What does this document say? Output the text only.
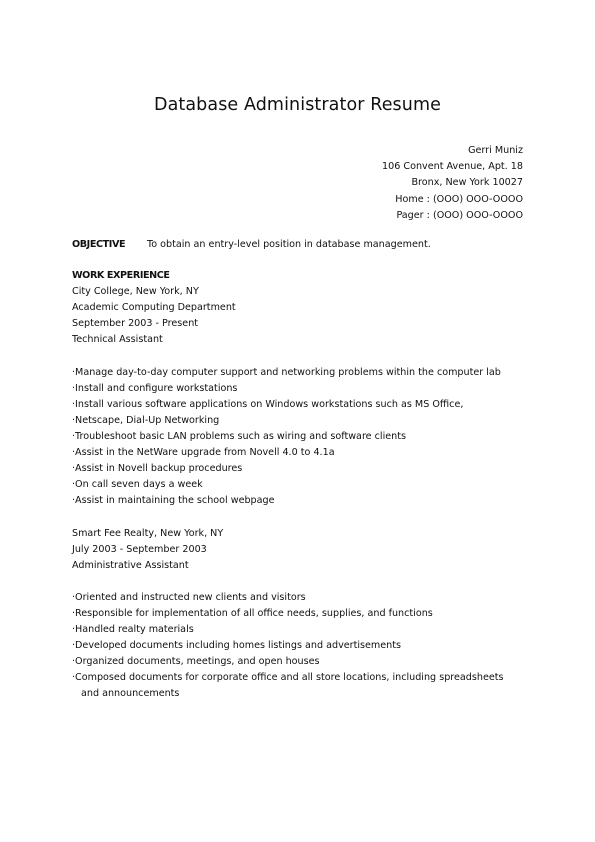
Database Administrator Resume
Gerri Muniz
106 Convent Avenue, Apt. 18
Bronx, New York 10027
Home : (OOO) OOO-OOOO
Pager : (OOO) OOO-OOOO
OBJECTIVE To obtain an entry-level position in database management.
WORK EXPERIENCE
City College, New York, NY
Academic Computing Department
September 2003 - Present
Technical Assistant
·Manage day-to-day computer support and networking problems within the computer lab
·Install and configure workstations
·Install various software applications on Windows workstations such as MS Office,
·Netscape, Dial-Up Networking
·Troubleshoot basic LAN problems such as wiring and software clients
·Assist in the NetWare upgrade from Novell 4.0 to 4.1a
·Assist in Novell backup procedures
·On call seven days a week
·Assist in maintaining the school webpage
Smart Fee Realty, New York, NY
July 2003 - September 2003
Administrative Assistant
·Oriented and instructed new clients and visitors
·Responsible for implementation of all office needs, supplies, and functions
·Handled realty materials
·Developed documents including homes listings and advertisements
·Organized documents, meetings, and open houses
·Composed documents for corporate office and all store locations, including spreadsheets
and announcements
